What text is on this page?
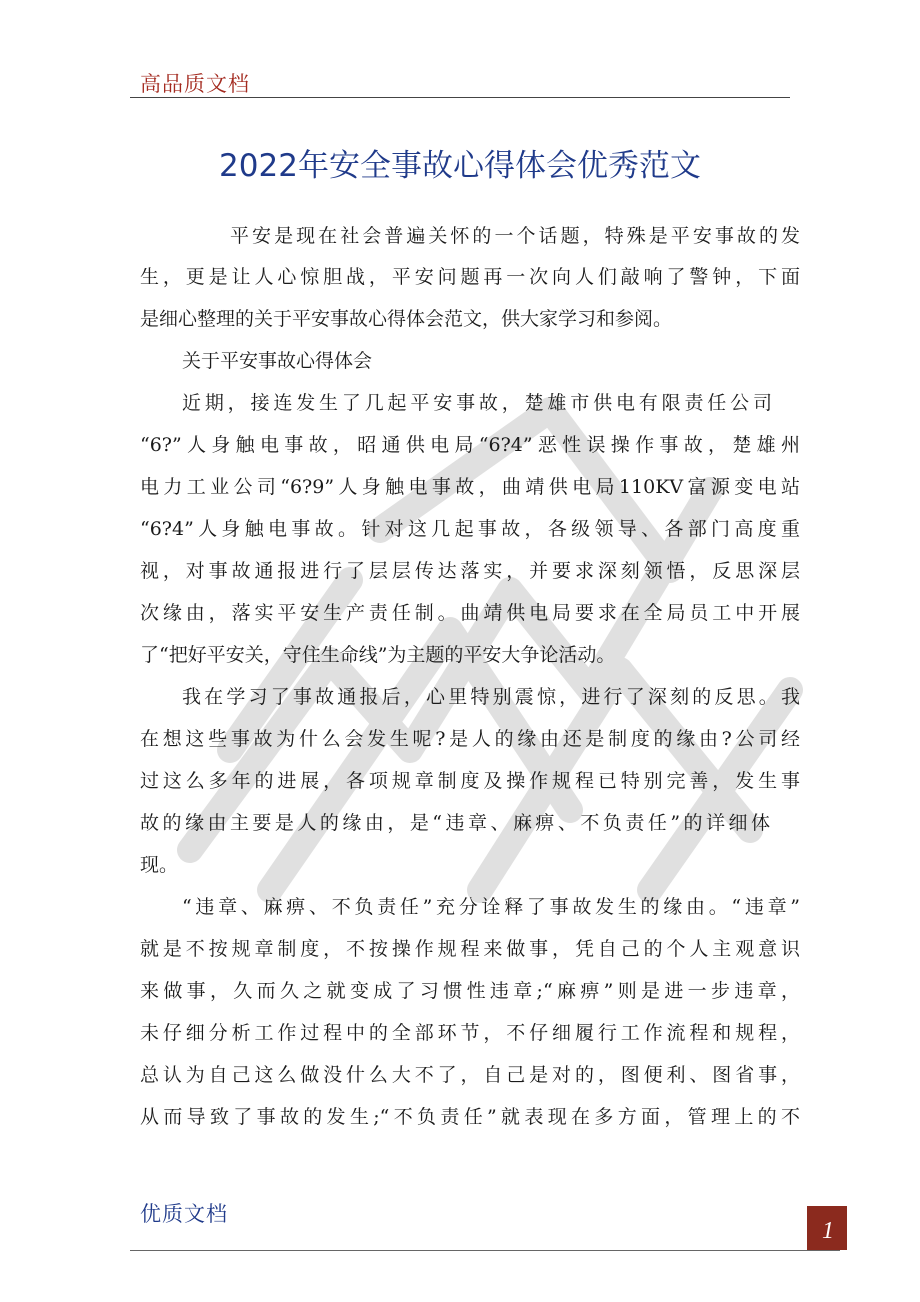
高品质文档
2022年安全事故心得体会优秀范文
平安是现在社会普遍关怀的一个话题，特殊是平安事故的发
生，更是让人心惊胆战，平安问题再一次向人们敲响了警钟，下面
是细心整理的关于平安事故心得体会范文，供大家学习和参阅。
关于平安事故心得体会
近期，接连发生了几起平安事故，楚雄市供电有限责任公司
“6?”人身触电事故，昭通供电局“6?4”恶性误操作事故，楚雄州
电力工业公司“6?9”人身触电事故，曲靖供电局110KV富源变电站
“6?4”人身触电事故。针对这几起事故，各级领导、各部门高度重
视，对事故通报进行了层层传达落实，并要求深刻领悟，反思深层
次缘由，落实平安生产责任制。曲靖供电局要求在全局员工中开展
了“把好平安关，守住生命线”为主题的平安大争论活动。
我在学习了事故通报后，心里特别震惊，进行了深刻的反思。我
在想这些事故为什么会发生呢?是人的缘由还是制度的缘由?公司经
过这么多年的进展，各项规章制度及操作规程已特别完善，发生事
故的缘由主要是人的缘由，是“违章、麻痹、不负责任”的详细体
现。
“违章、麻痹、不负责任”充分诠释了事故发生的缘由。“违章”
就是不按规章制度，不按操作规程来做事，凭自己的个人主观意识
来做事，久而久之就变成了习惯性违章;“麻痹”则是进一步违章，
未仔细分析工作过程中的全部环节，不仔细履行工作流程和规程，
总认为自己这么做没什么大不了，自己是对的，图便利、图省事，
从而导致了事故的发生;“不负责任”就表现在多方面，管理上的不
优质文档
1
